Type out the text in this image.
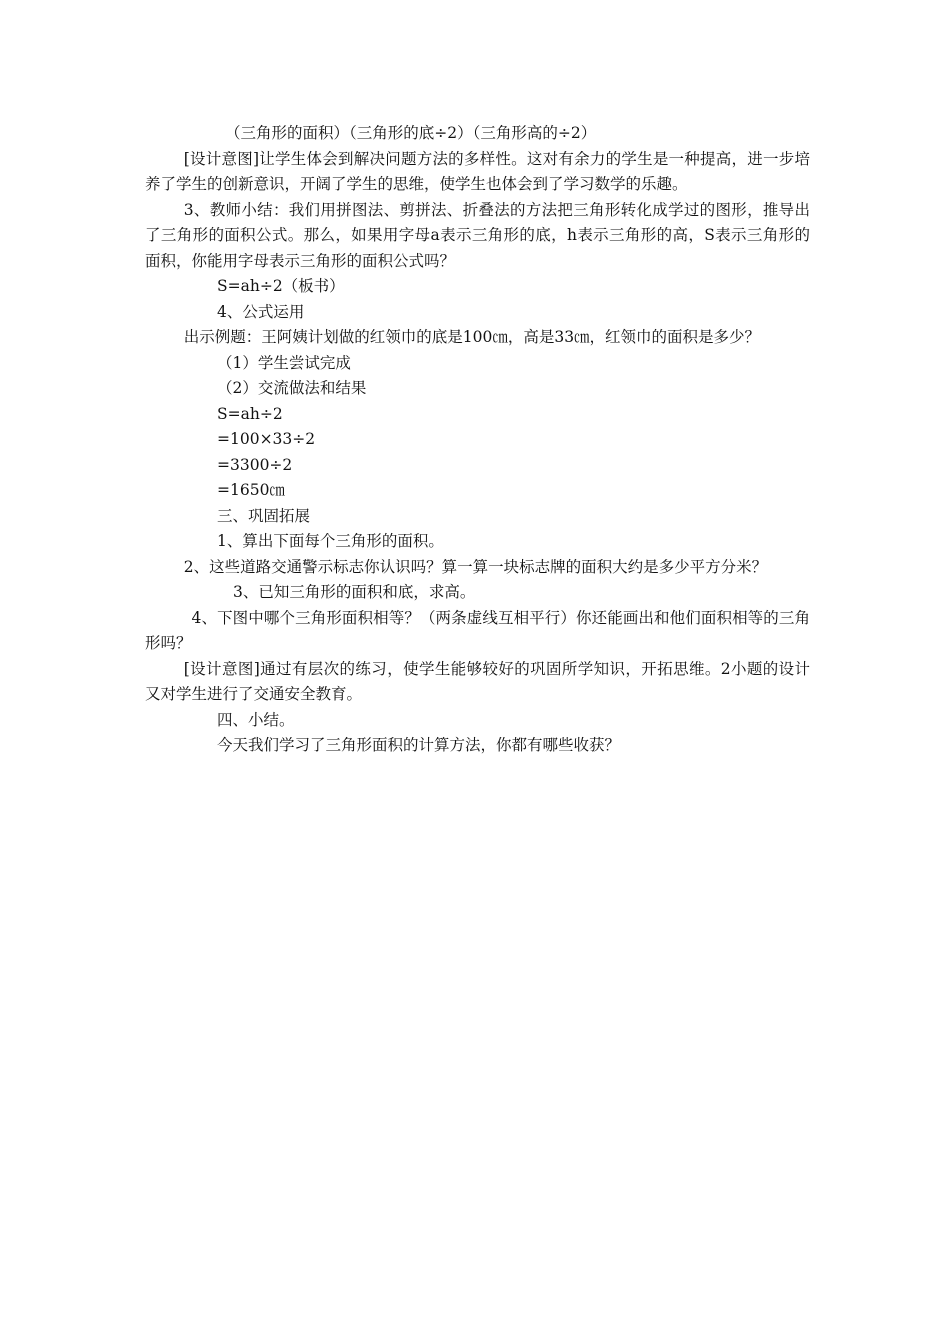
（三角形的面积）（三角形的底÷2）（三角形高的÷2）

[设计意图]让学生体会到解决问题方法的多样性。这对有余力的学生是一种提高，进一步培养了学生的创新意识，开阔了学生的思维，使学生也体会到了学习数学的乐趣。

3、教师小结：我们用拼图法、剪拼法、折叠法的方法把三角形转化成学过的图形，推导出了三角形的面积公式。那么，如果用字母a表示三角形的底，h表示三角形的高，S表示三角形的面积，你能用字母表示三角形的面积公式吗？

S=ah÷2（板书）

4、公式运用

出示例题：王阿姨计划做的红领巾的底是100㎝，高是33㎝，红领巾的面积是多少？

（1）学生尝试完成

（2）交流做法和结果

S=ah÷2

=100×33÷2

=3300÷2

=1650㎝

三、巩固拓展

1、算出下面每个三角形的面积。

2、这些道路交通警示标志你认识吗？算一算一块标志牌的面积大约是多少平方分米？

3、已知三角形的面积和底，求高。

4、下图中哪个三角形面积相等？（两条虚线互相平行）你还能画出和他们面积相等的三角形吗？

[设计意图]通过有层次的练习，使学生能够较好的巩固所学知识，开拓思维。2小题的设计又对学生进行了交通安全教育。

四、小结。

今天我们学习了三角形面积的计算方法，你都有哪些收获？
